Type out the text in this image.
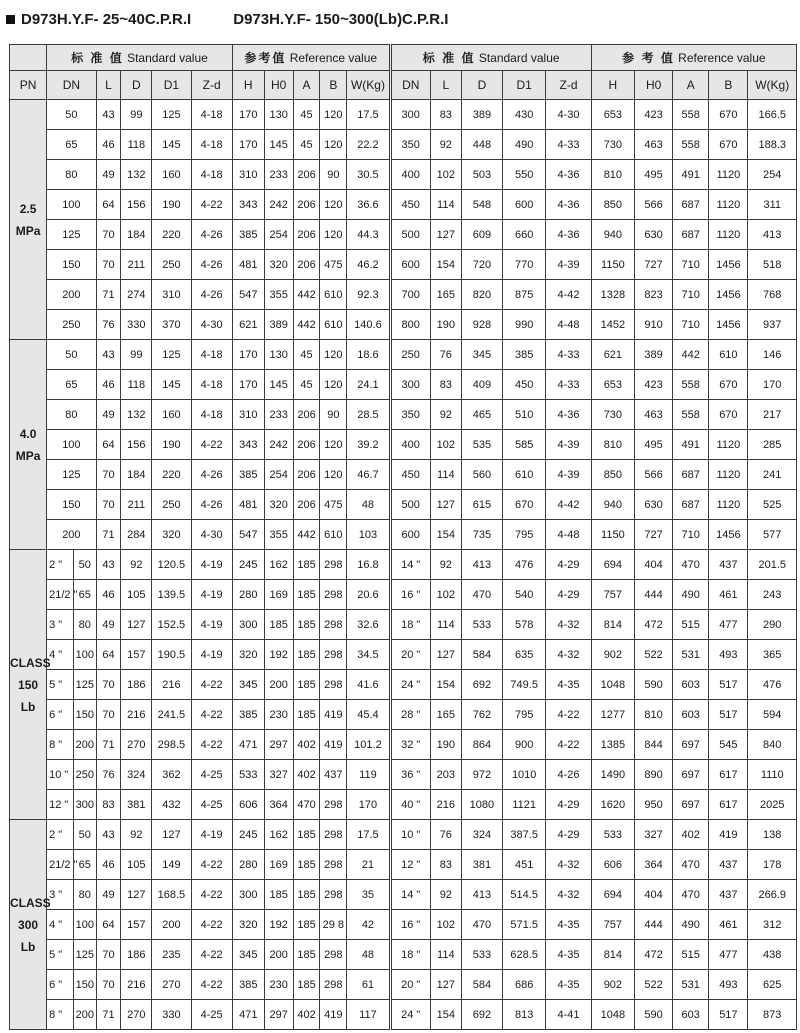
D973H.Y.F- 25~40C.P.R.I	D973H.Y.F- 150~300(Lb)C.P.R.I
	标 准 值 Standard value						参考值 Reference value					标 准 值 Standard value					参 考 值 Reference value				
PN	DN		L	D	D1	Z-d	H	H0	A	B	W(Kg)	DN	L	D	D1	Z-d	H	H0	A	B	W(Kg)
2.5
MPa	50		43	99	125	4-18	170	130	45	120	17.5	300	83	389	430	4-30	653	423	558	670	166.5
	65		46	118	145	4-18	170	145	45	120	22.2	350	92	448	490	4-33	730	463	558	670	188.3
	80		49	132	160	4-18	310	233	206	90	30.5	400	102	503	550	4-36	810	495	491	1120	254
	100		64	156	190	4-22	343	242	206	120	36.6	450	114	548	600	4-36	850	566	687	1120	311
	125		70	184	220	4-26	385	254	206	120	44.3	500	127	609	660	4-36	940	630	687	1120	413
	150		70	211	250	4-26	481	320	206	475	46.2	600	154	720	770	4-39	1150	727	710	1456	518
	200		71	274	310	4-26	547	355	442	610	92.3	700	165	820	875	4-42	1328	823	710	1456	768
	250		76	330	370	4-30	621	389	442	610	140.6	800	190	928	990	4-48	1452	910	710	1456	937
4.0
MPa	50		43	99	125	4-18	170	130	45	120	18.6	250	76	345	385	4-33	621	389	442	610	146
	65		46	118	145	4-18	170	145	45	120	24.1	300	83	409	450	4-33	653	423	558	670	170
	80		49	132	160	4-18	310	233	206	90	28.5	350	92	465	510	4-36	730	463	558	670	217
	100		64	156	190	4-22	343	242	206	120	39.2	400	102	535	585	4-39	810	495	491	1120	285
	125		70	184	220	4-26	385	254	206	120	46.7	450	114	560	610	4-39	850	566	687	1120	241
	150		70	211	250	4-26	481	320	206	475	48	500	127	615	670	4-42	940	630	687	1120	525
	200		71	284	320	4-30	547	355	442	610	103	600	154	735	795	4-48	1150	727	710	1456	577
CLASS
150
Lb	2 "	50	43	92	120.5	4-19	245	162	185	298	16.8	14 "	92	413	476	4-29	694	404	470	437	201.5
	21/2 "	65	46	105	139.5	4-19	280	169	185	298	20.6	16 "	102	470	540	4-29	757	444	490	461	243
	3 "	80	49	127	152.5	4-19	300	185	185	298	32.6	18 "	114	533	578	4-32	814	472	515	477	290
	4 "	100	64	157	190.5	4-19	320	192	185	298	34.5	20 "	127	584	635	4-32	902	522	531	493	365
	5 "	125	70	186	216	4-22	345	200	185	298	41.6	24 "	154	692	749.5	4-35	1048	590	603	517	476
	6 "	150	70	216	241.5	4-22	385	230	185	419	45.4	28 "	165	762	795	4-22	1277	810	603	517	594
	8 "	200	71	270	298.5	4-22	471	297	402	419	101.2	32 "	190	864	900	4-22	1385	844	697	545	840
	10 "	250	76	324	362	4-25	533	327	402	437	119	36 "	203	972	1010	4-26	1490	890	697	617	1110
	12 "	300	83	381	432	4-25	606	364	470	298	170	40 "	216	1080	1121	4-29	1620	950	697	617	2025
CLASS
300
Lb	2 "	50	43	92	127	4-19	245	162	185	298	17.5	10 "	76	324	387.5	4-29	533	327	402	419	138
	21/2 "	65	46	105	149	4-22	280	169	185	298	21	12 "	83	381	451	4-32	606	364	470	437	178
	3 "	80	49	127	168.5	4-22	300	185	185	298	35	14 "	92	413	514.5	4-32	694	404	470	437	266.9
	4 "	100	64	157	200	4-22	320	192	185	29 8	42	16 "	102	470	571.5	4-35	757	444	490	461	312
	5 "	125	70	186	235	4-22	345	200	185	298	48	18 "	114	533	628.5	4-35	814	472	515	477	438
	6 "	150	70	216	270	4-22	385	230	185	298	61	20 "	127	584	686	4-35	902	522	531	493	625
	8 "	200	71	270	330	4-25	471	297	402	419	117	24 "	154	692	813	4-41	1048	590	603	517	873
